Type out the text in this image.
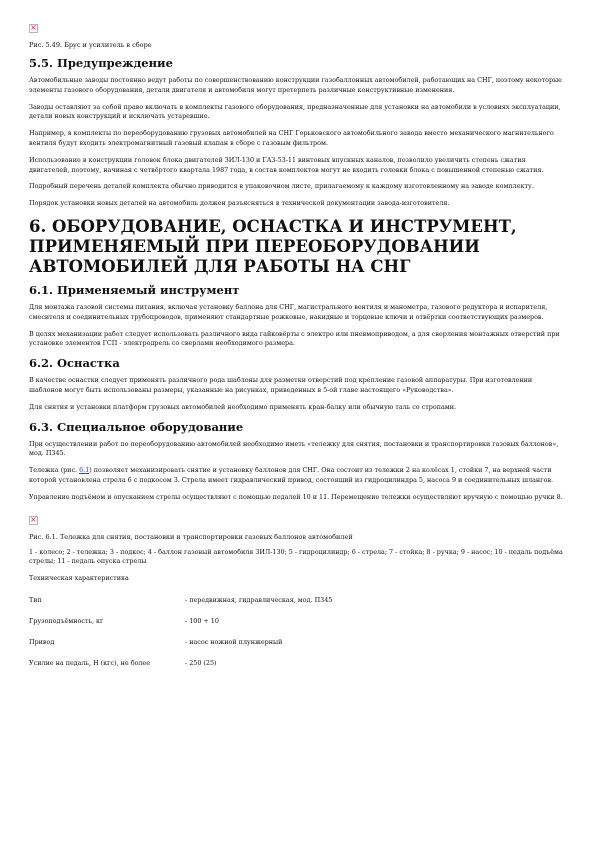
×
Рис. 5.49. Брус и усилитель в сборе
5.5. Предупреждение

Автомобильные заводы постоянно ведут работы по совершенствованию конструкции газобаллонных автомобилей, работающих на СНГ, поэтому некоторые элементы газового оборудования, детали двигателя и автомобиля могут претерпеть различные конструктивные изменения.

Заводы оставляют за собой право включать в комплекты газового оборудования, предназначенные для установки на автомобили в условиях эксплуатации, детали новых конструкций и исключать устаревшие.

Например, в комплекты по переоборудованию грузовых автомобилей на СНГ Горьковского автомобильного завода вместо механического магнительного вентиля будут входить электромагнитный газовый клапан в сборе с газовым фильтром.

Использование в конструкции головок блока двигателей ЗИЛ-130 и ГАЗ-53-11 винтовых впускных каналов, позволило увеличить степень сжатия двигателей, поэтому, начиная с четвёртого квартала 1987 года, в состав комплектов могут не входить головки блока с повышенной степенью сжатия.

Подробный перечень деталей комплекта обычно приводится в упаковочном листе, прилагаемому к каждому изготовленному на заводе комплекту.

Порядок установки новых деталей на автомобиль должен разъясняться в технической документации завода-изготовителя.

6. ОБОРУДОВАНИЕ, ОСНАСТКА И ИНСТРУМЕНТ, ПРИМЕНЯЕМЫЙ ПРИ ПЕРЕОБОРУДОВАНИИ АВТОМОБИЛЕЙ ДЛЯ РАБОТЫ НА СНГ
6.1. Применяемый инструмент

Для монтажа газовой системы питания, включая установку баллона для СНГ, магистрального вентиля и манометра, газового редуктора и испарителя, смесителя и соединительных трубопроводов, применяют стандартные рожковые, накидные и торцовые ключи и отвёртки соответствующих размеров.

В целях механизации работ следует использовать различного вида гайковёрты с электро или пневмоприводом, а для сверления монтажных отверстий при установке элементов ГСП - электродрель со сверлами необходимого размера.

6.2. Оснастка

В качестве оснастки следует применять различного рода шаблоны для разметки отверстий под крепление газовой аппаратуры. При изготовлении шаблонов могут быть использованы размеры, указанные на рисунках, приведенных в 5-ой главе настоящего «Руководства».

Для снятия и установки платформ грузовых автомобилей необходимо применять кран-балку или обычную таль со стропами.

6.3. Специальное оборудование

При осуществлении работ по переоборудованию автомобилей необходимо иметь «тележку для снятия, постановки и транспортировки газовых баллонов», мод. П345.

Тележка (рис. 6.1) позволяет механизировать снятие и установку баллонов для СНГ. Она состоит из тележки 2 на колёсах 1, стойки 7, на верхней части которой установлена стрела 6 с подкосом 3. Стрела имеет гидравлический привод, состоящий из гидроцилиндра 5, насоса 9 и соединительных шлангов.

Управление подъёмом и опусканием стрелы осуществляют с помощью педалей 10 и 11. Перемещение тележки осуществляют вручную с помощью ручки 8.

×
Рис. 6.1. Тележка для снятия, постановки и транспортировки газовых баллонов автомобилей

1 - колесо; 2 - тележка; 3 - подкос; 4 - баллон газовый автомобиля ЗИЛ-130; 5 - гидроцилиндр; 6 - стрела; 7 - стойка; 8 - ручка; 9 - насос; 10 - педаль подъёма стрелы; 11 - педаль опуска стрелы

Техническая характеристика

Тип	- передвижная, гидравлическая, мод. П345
Грузоподъёмность, кг	- 100 + 10
Привод	- насос ножной плунжерный
Усилие на педаль, Н (кгс), не более	- 250 (25)
